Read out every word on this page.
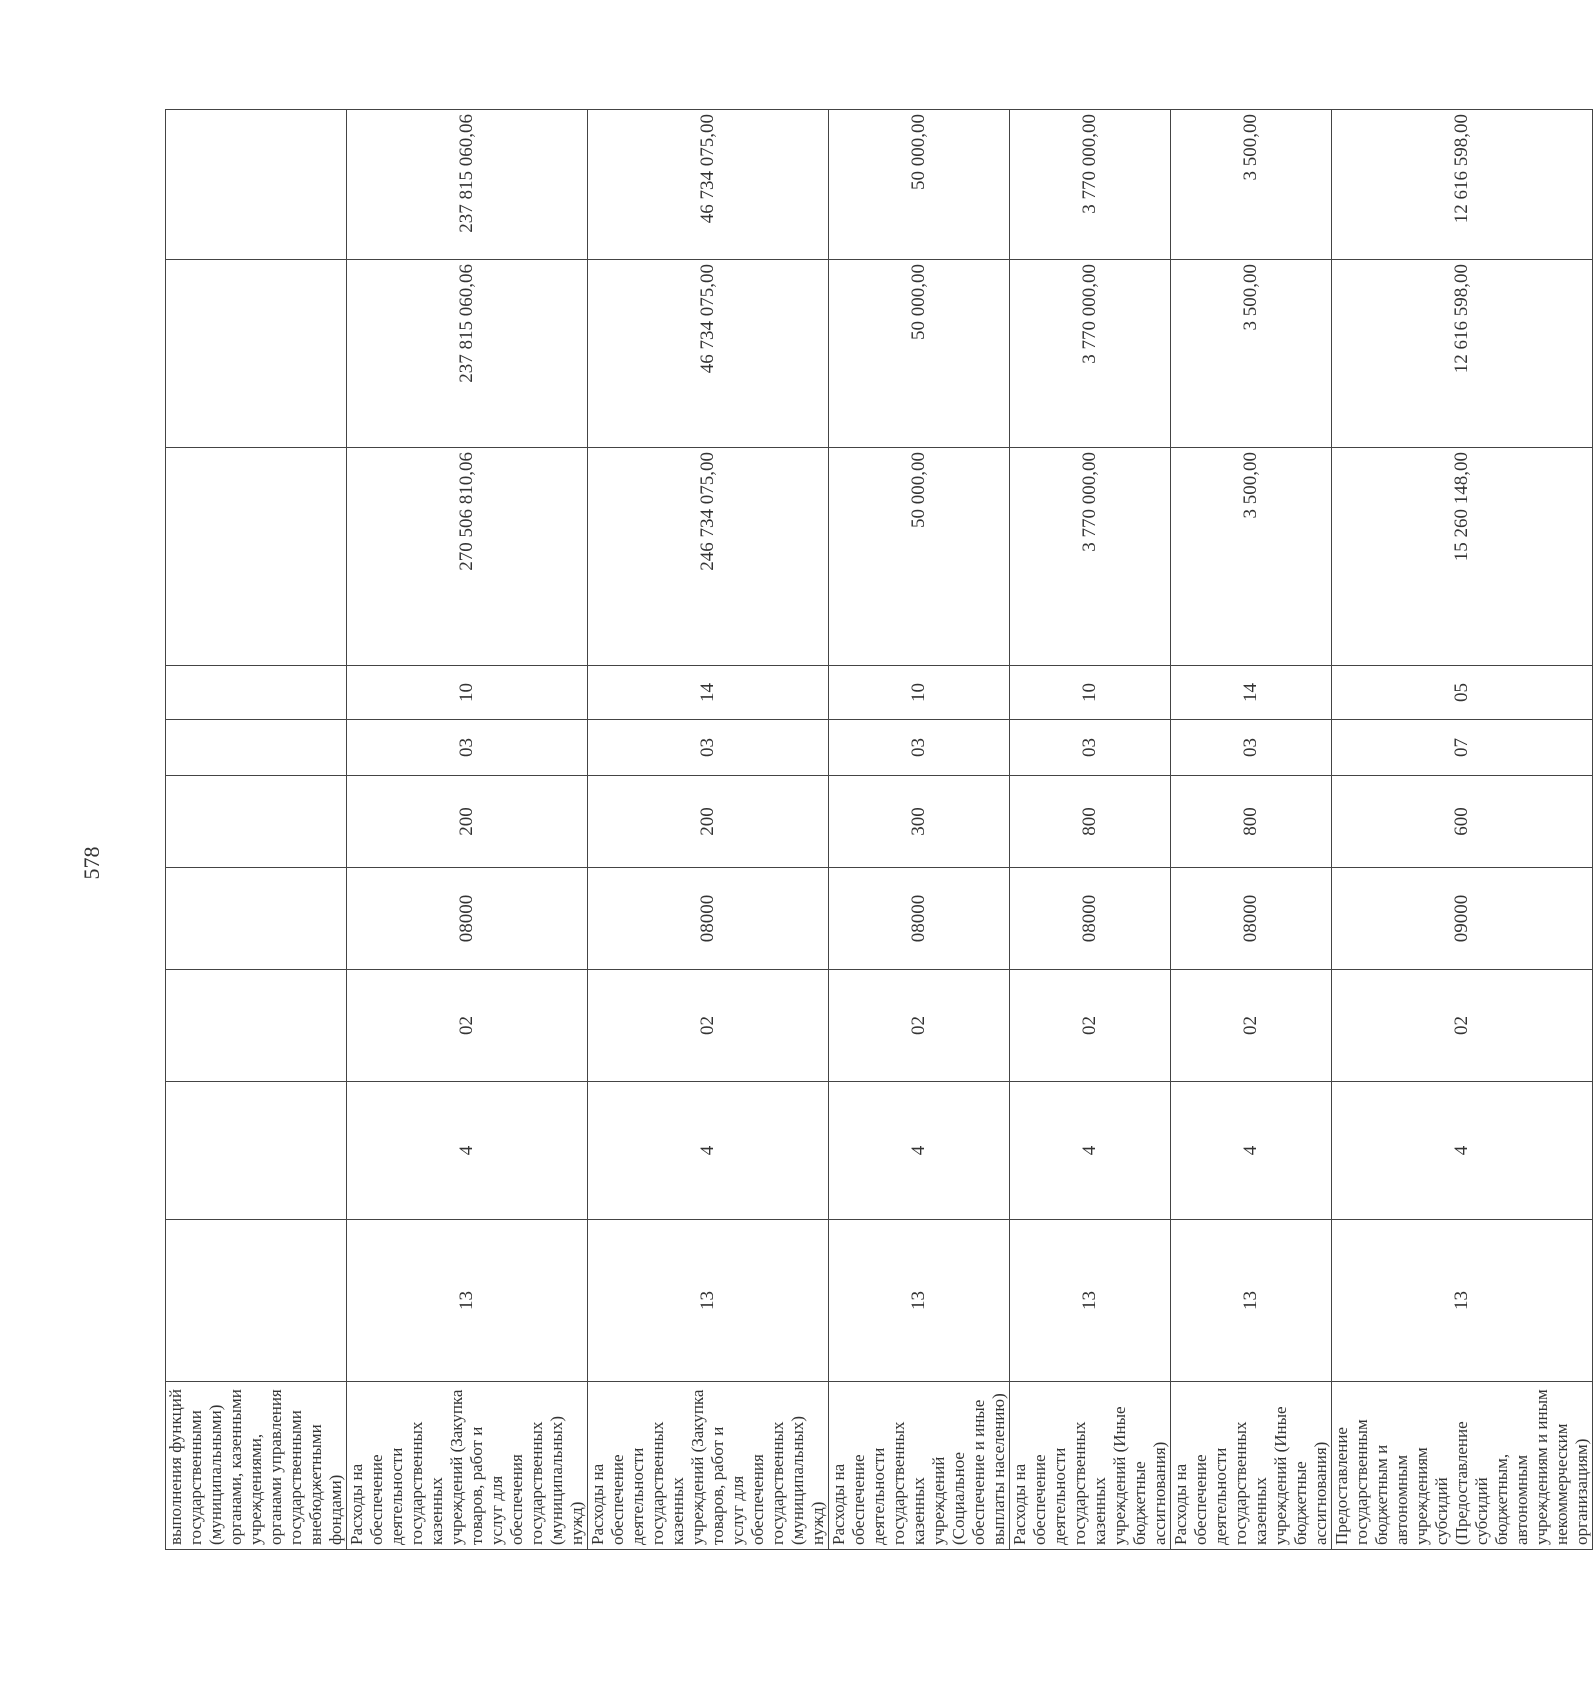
578
выполнения функций государственными (муниципальными) органами, казенными учреждениями, органами управления государственными внебюджетными фондами)										
Расходы на обеспечение деятельности государственных казенных учреждений (Закупка товаров, работ и услуг для обеспечения государственных (муниципальных) нужд)	13	4	02	08000	200	03	10	270 506 810,06	237 815 060,06	237 815 060,06
Расходы на обеспечение деятельности государственных казенных учреждений (Закупка товаров, работ и услуг для обеспечения государственных (муниципальных) нужд)	13	4	02	08000	200	03	14	246 734 075,00	46 734 075,00	46 734 075,00
Расходы на обеспечение деятельности государственных казенных учреждений (Социальное обеспечение и иные выплаты населению)	13	4	02	08000	300	03	10	50 000,00	50 000,00	50 000,00
Расходы на обеспечение деятельности государственных казенных учреждений (Иные бюджетные ассигнования)	13	4	02	08000	800	03	10	3 770 000,00	3 770 000,00	3 770 000,00
Расходы на обеспечение деятельности государственных казенных учреждений (Иные бюджетные ассигнования)	13	4	02	08000	800	03	14	3 500,00	3 500,00	3 500,00
Предоставление государственным бюджетным и автономным учреждениям субсидий (Предоставление субсидий бюджетным, автономным учреждениям и иным некоммерческим организациям)	13	4	02	09000	600	07	05	15 260 148,00	12 616 598,00	12 616 598,00
